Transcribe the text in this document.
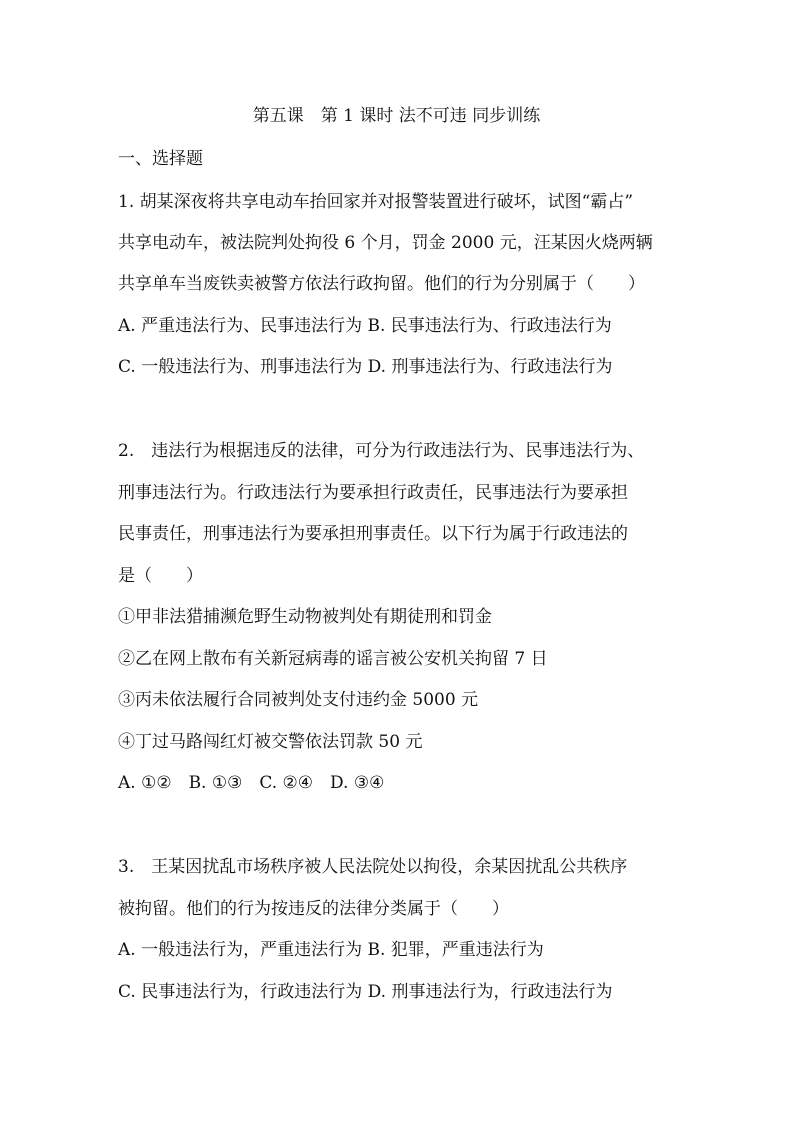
第五课　第 1 课时 法不可违 同步训练
一、选择题
1. 胡某深夜将共享电动车抬回家并对报警装置进行破坏，试图“霸占”
共享电动车，被法院判处拘役 6 个月，罚金 2000 元，汪某因火烧两辆
共享单车当废铁卖被警方依法行政拘留。他们的行为分别属于（　　）
A. 严重违法行为、民事违法行为 B. 民事违法行为、行政违法行为
C. 一般违法行为、刑事违法行为 D. 刑事违法行为、行政违法行为
2.　违法行为根据违反的法律，可分为行政违法行为、民事违法行为、
刑事违法行为。行政违法行为要承担行政责任，民事违法行为要承担
民事责任，刑事违法行为要承担刑事责任。以下行为属于行政违法的
是（　　）
①甲非法猎捕濒危野生动物被判处有期徒刑和罚金
②乙在网上散布有关新冠病毒的谣言被公安机关拘留 7 日
③丙未依法履行合同被判处支付违约金 5000 元
④丁过马路闯红灯被交警依法罚款 50 元
A. ①②　B. ①③　C. ②④　D. ③④
3.　王某因扰乱市场秩序被人民法院处以拘役，余某因扰乱公共秩序
被拘留。他们的行为按违反的法律分类属于（　　）
A. 一般违法行为，严重违法行为 B. 犯罪，严重违法行为
C. 民事违法行为，行政违法行为 D. 刑事违法行为，行政违法行为
